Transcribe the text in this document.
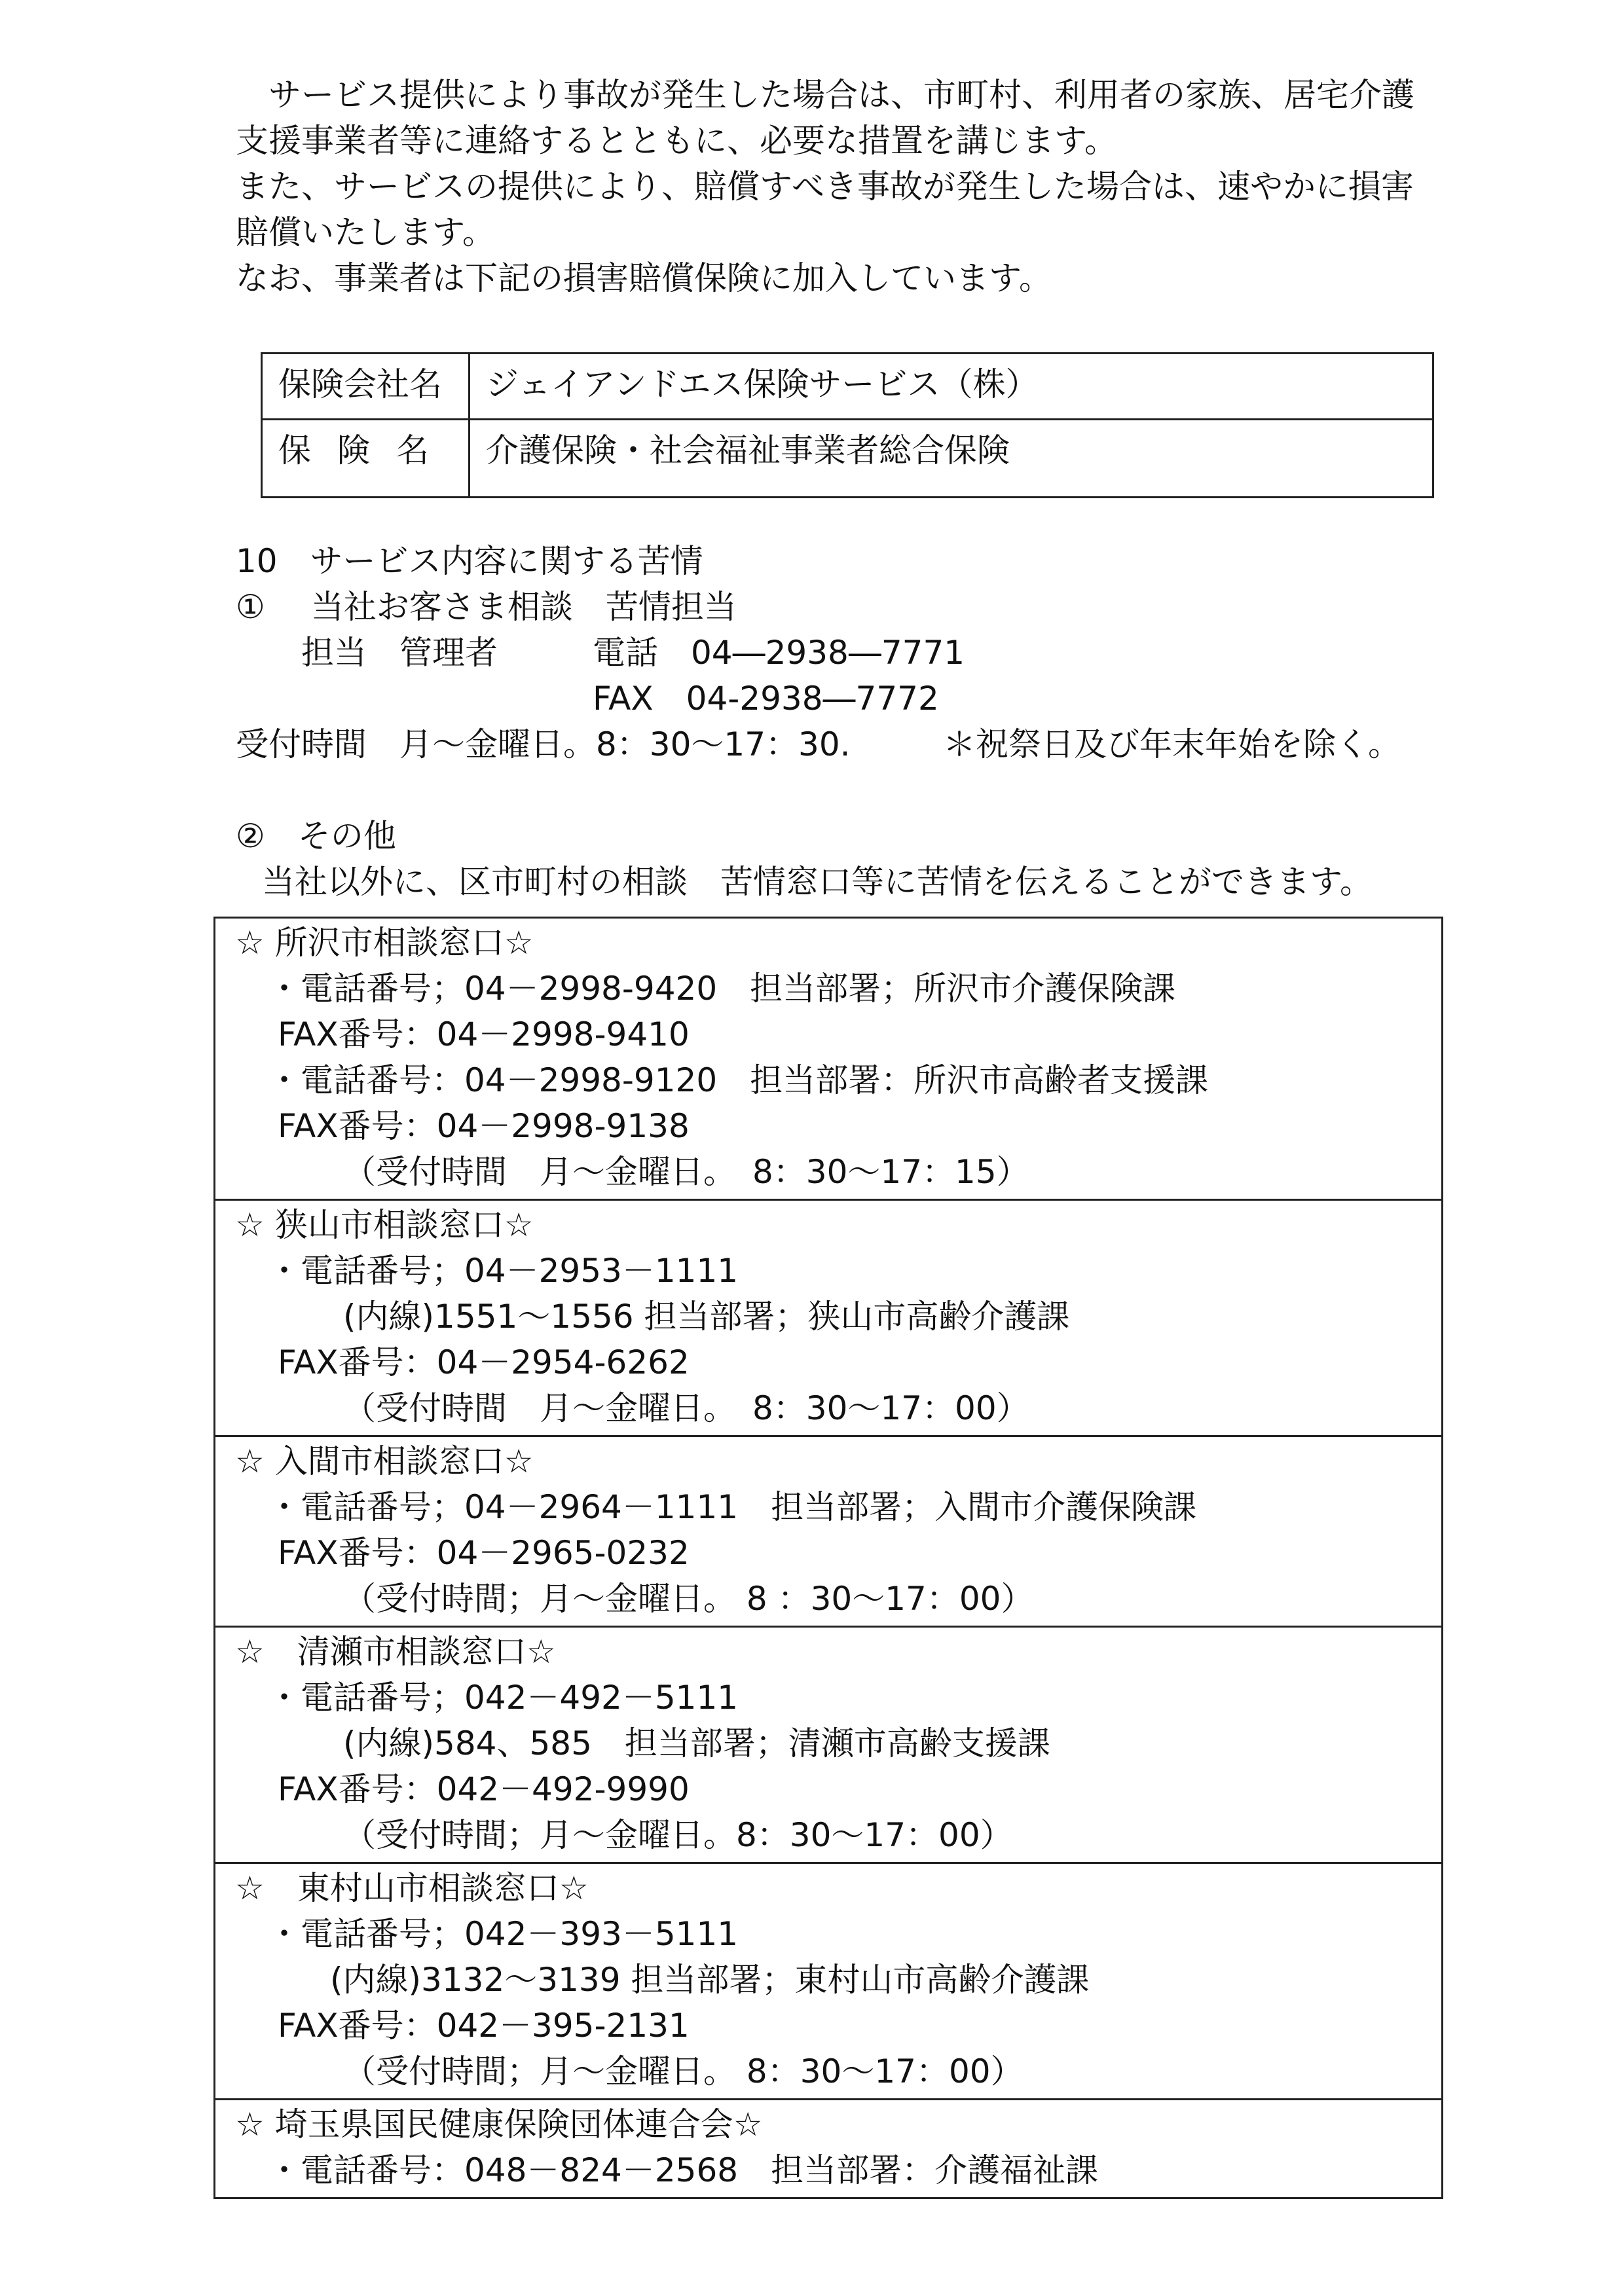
　サービス提供により事故が発生した場合は、市町村、利用者の家族、居宅介護

支援事業者等に連絡するとともに、必要な措置を講じます。

また、サービスの提供により、賠償すべき事故が発生した場合は、速やかに損害

賠償いたします。

なお、事業者は下記の損害賠償保険に加入しています。

保険会社名	ジェイアンドエス保険サービス（株）
保険名	介護保険・社会福祉事業者総合保険
10　サービス内容に関する苦情
① 当社お客さま相談　苦情担当
担当　管理者	電話　04―2938―7771
FAX　04-2938―7772
受付時間　月～金曜日。8：30～17：30.	＊祝祭日及び年末年始を除く。
② その他
当社以外に、区市町村の相談　苦情窓口等に苦情を伝えることができます。
☆ 所沢市相談窓口☆
・電話番号；04－2998-9420　担当部署；所沢市介護保険課
FAX番号：04－2998-9410
・電話番号：04－2998-9120　担当部署：所沢市高齢者支援課
FAX番号：04－2998-9138
（受付時間　月～金曜日。　8：30～17：15）
☆ 狭山市相談窓口☆
・電話番号；04－2953－1111
(内線)1551～1556 担当部署；狭山市高齢介護課
FAX番号：04－2954-6262
（受付時間　月～金曜日。　8：30～17：00）
☆ 入間市相談窓口☆
・電話番号；04－2964－1111　担当部署；入間市介護保険課
FAX番号：04－2965-0232
（受付時間；月～金曜日。 8 ：30～17：00）
☆　清瀬市相談窓口☆
・電話番号；042－492－5111
(内線)584、585　担当部署；清瀬市高齢支援課
FAX番号：042－492-9990
（受付時間；月～金曜日。8：30～17：00）
☆　東村山市相談窓口☆
・電話番号；042－393－5111
(内線)3132～3139 担当部署；東村山市高齢介護課
FAX番号：042－395-2131
（受付時間；月～金曜日。 8：30～17：00）
☆ 埼玉県国民健康保険団体連合会☆
・電話番号：048－824－2568　担当部署：介護福祉課
